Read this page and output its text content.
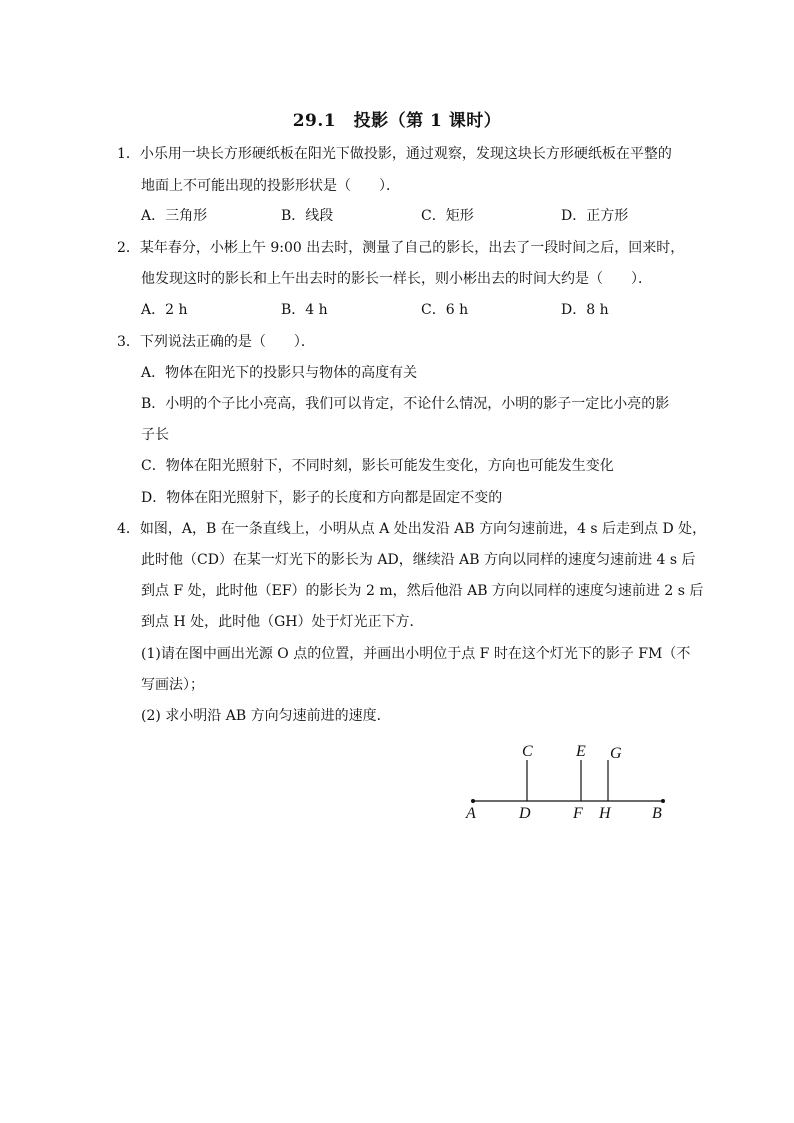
29.1　投影（第 1 课时）
1．小乐用一块长方形硬纸板在阳光下做投影，通过观察，发现这块长方形硬纸板在平整的
地面上不可能出现的投影形状是（　　）．
A．三角形	B．线段	C．矩形	D．正方形
2．某年春分，小彬上午 9:00 出去时，测量了自己的影长，出去了一段时间之后，回来时，
他发现这时的影长和上午出去时的影长一样长，则小彬出去的时间大约是（　　）．
A．2 h	B．4 h	C．6 h	D．8 h
3．下列说法正确的是（　　）．
A．物体在阳光下的投影只与物体的高度有关
B．小明的个子比小亮高，我们可以肯定，不论什么情况，小明的影子一定比小亮的影
子长
C．物体在阳光照射下，不同时刻，影长可能发生变化，方向也可能发生变化
D．物体在阳光照射下，影子的长度和方向都是固定不变的
4．如图，A，B 在一条直线上，小明从点 A 处出发沿 AB 方向匀速前进，4 s 后走到点 D 处，
此时他（CD）在某一灯光下的影长为 AD，继续沿 AB 方向以同样的速度匀速前进 4 s 后
到点 F 处，此时他（EF）的影长为 2 m，然后他沿 AB 方向以同样的速度匀速前进 2 s 后
到点 H 处，此时他（GH）处于灯光正下方．
(1)请在图中画出光源 O 点的位置，并画出小明位于点 F 时在这个灯光下的影子 FM（不
写画法）；
(2) 求小明沿 AB 方向匀速前进的速度．
C	E G
A	D	F H	B
